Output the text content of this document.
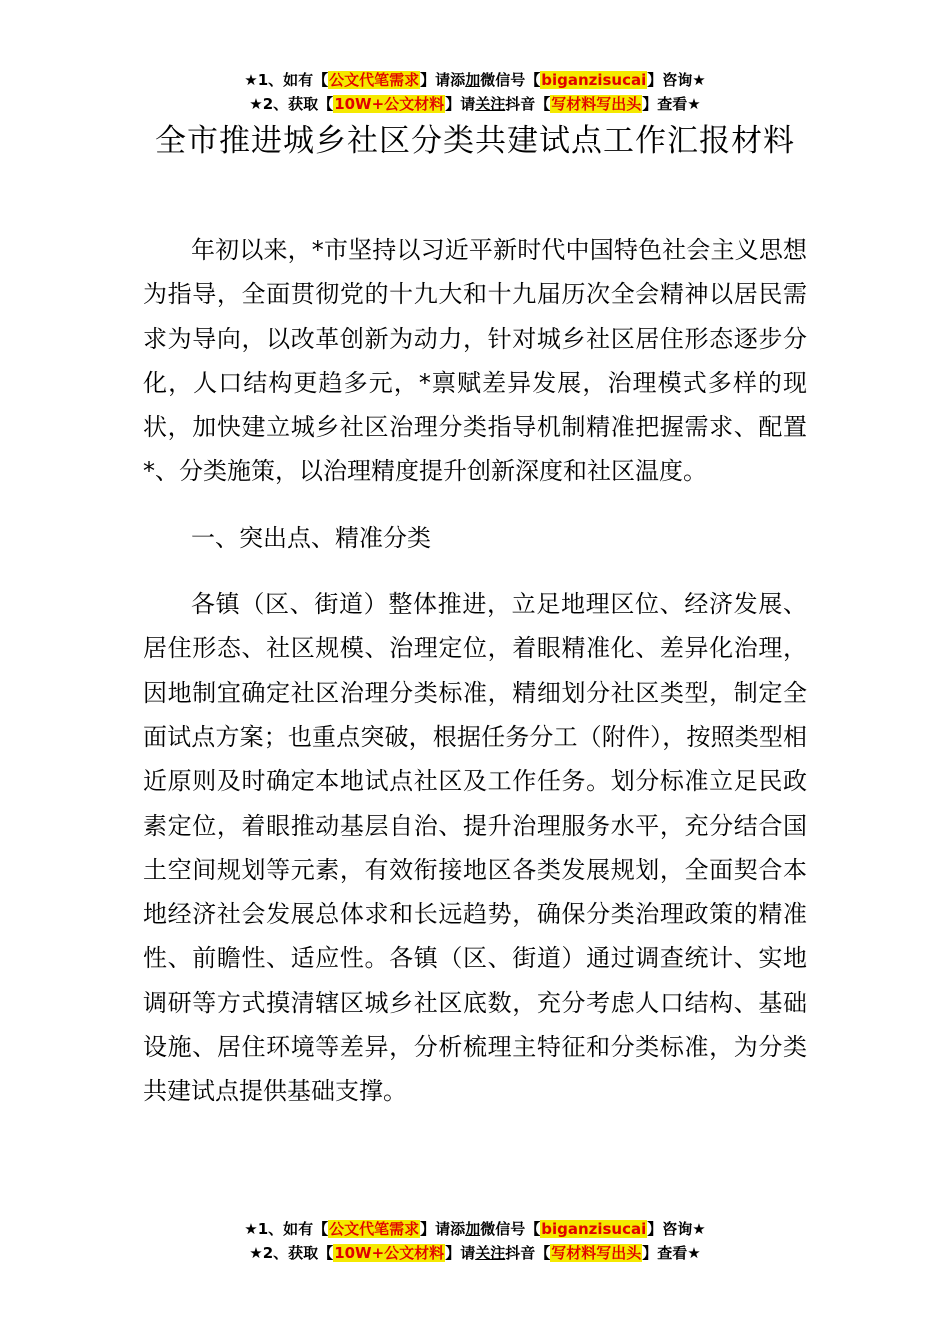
★1、如有【公文代笔需求】请添加微信号【biganzisucai】咨询★
★2、获取【10W+公文材料】请关注抖音【写材料写出头】查看★
全市推进城乡社区分类共建试点工作汇报材料

年初以来，*市坚持以习近平新时代中国特色社会主义思想为指导，全面贯彻党的十九大和十九届历次全会精神以居民需求为导向，以改革创新为动力，针对城乡社区居住形态逐步分化，人口结构更趋多元，*禀赋差异发展，治理模式多样的现状，加快建立城乡社区治理分类指导机制精准把握需求、配置*、分类施策，以治理精度提升创新深度和社区温度。

一、突出点、精准分类

各镇（区、街道）整体推进，立足地理区位、经济发展、居住形态、社区规模、治理定位，着眼精准化、差异化治理，因地制宜确定社区治理分类标准，精细划分社区类型，制定全面试点方案；也重点突破，根据任务分工（附件），按照类型相近原则及时确定本地试点社区及工作任务。划分标准立足民政素定位，着眼推动基层自治、提升治理服务水平，充分结合国土空间规划等元素，有效衔接地区各类发展规划，全面契合本地经济社会发展总体求和长远趋势，确保分类治理政策的精准性、前瞻性、适应性。各镇（区、街道）通过调查统计、实地调研等方式摸清辖区城乡社区底数，充分考虑人口结构、基础设施、居住环境等差异，分析梳理主特征和分类标准，为分类共建试点提供基础支撑。

★1、如有【公文代笔需求】请添加微信号【biganzisucai】咨询★
★2、获取【10W+公文材料】请关注抖音【写材料写出头】查看★
